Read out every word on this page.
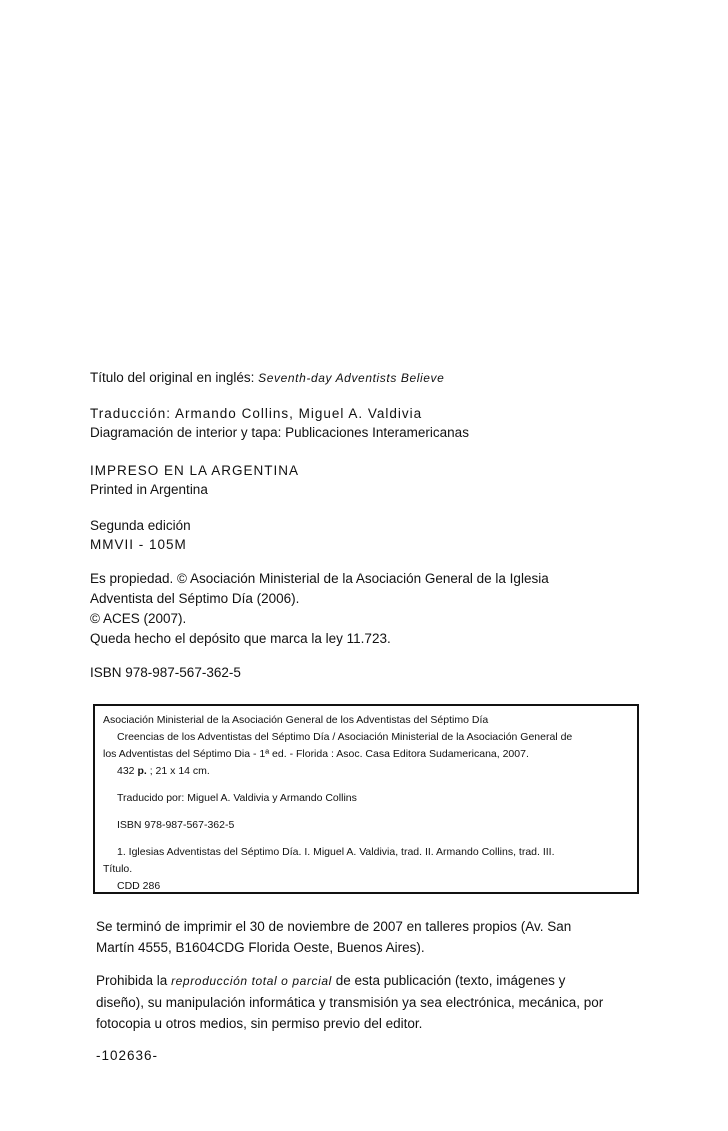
Título del original en inglés: Seventh-day Adventists Believe
Traducción: Armando Collins, Miguel A. Valdivia
Diagramación de interior y tapa: Publicaciones Interamericanas
IMPRESO EN LA ARGENTINA
Printed in Argentina
Segunda edición
MMVII - 105M
Es propiedad. © Asociación Ministerial de la Asociación General de la Iglesia
Adventista del Séptimo Día (2006).
© ACES (2007).
Queda hecho el depósito que marca la ley 11.723.
ISBN 978-987-567-362-5
Asociación Ministerial de la Asociación General de los Adventistas del Séptimo Día
Creencias de los Adventistas del Séptimo Día / Asociación Ministerial de la Asociación General de
los Adventistas del Séptimo Dia - 1ª ed. - Florida : Asoc. Casa Editora Sudamericana, 2007.
432 p. ; 21 x 14 cm.
Traducido por: Miguel A. Valdivia y Armando Collins
ISBN 978-987-567-362-5
1. Iglesias Adventistas del Séptimo Día. I. Miguel A. Valdivia, trad. II. Armando Collins, trad. III.
Título.
CDD 286
Se terminó de imprimir el 30 de noviembre de 2007 en talleres propios (Av. San
Martín 4555, B1604CDG Florida Oeste, Buenos Aires).
Prohibida la reproducción total o parcial de esta publicación (texto, imágenes y
diseño), su manipulación informática y transmisión ya sea electrónica, mecánica, por
fotocopia u otros medios, sin permiso previo del editor.
-102636-
